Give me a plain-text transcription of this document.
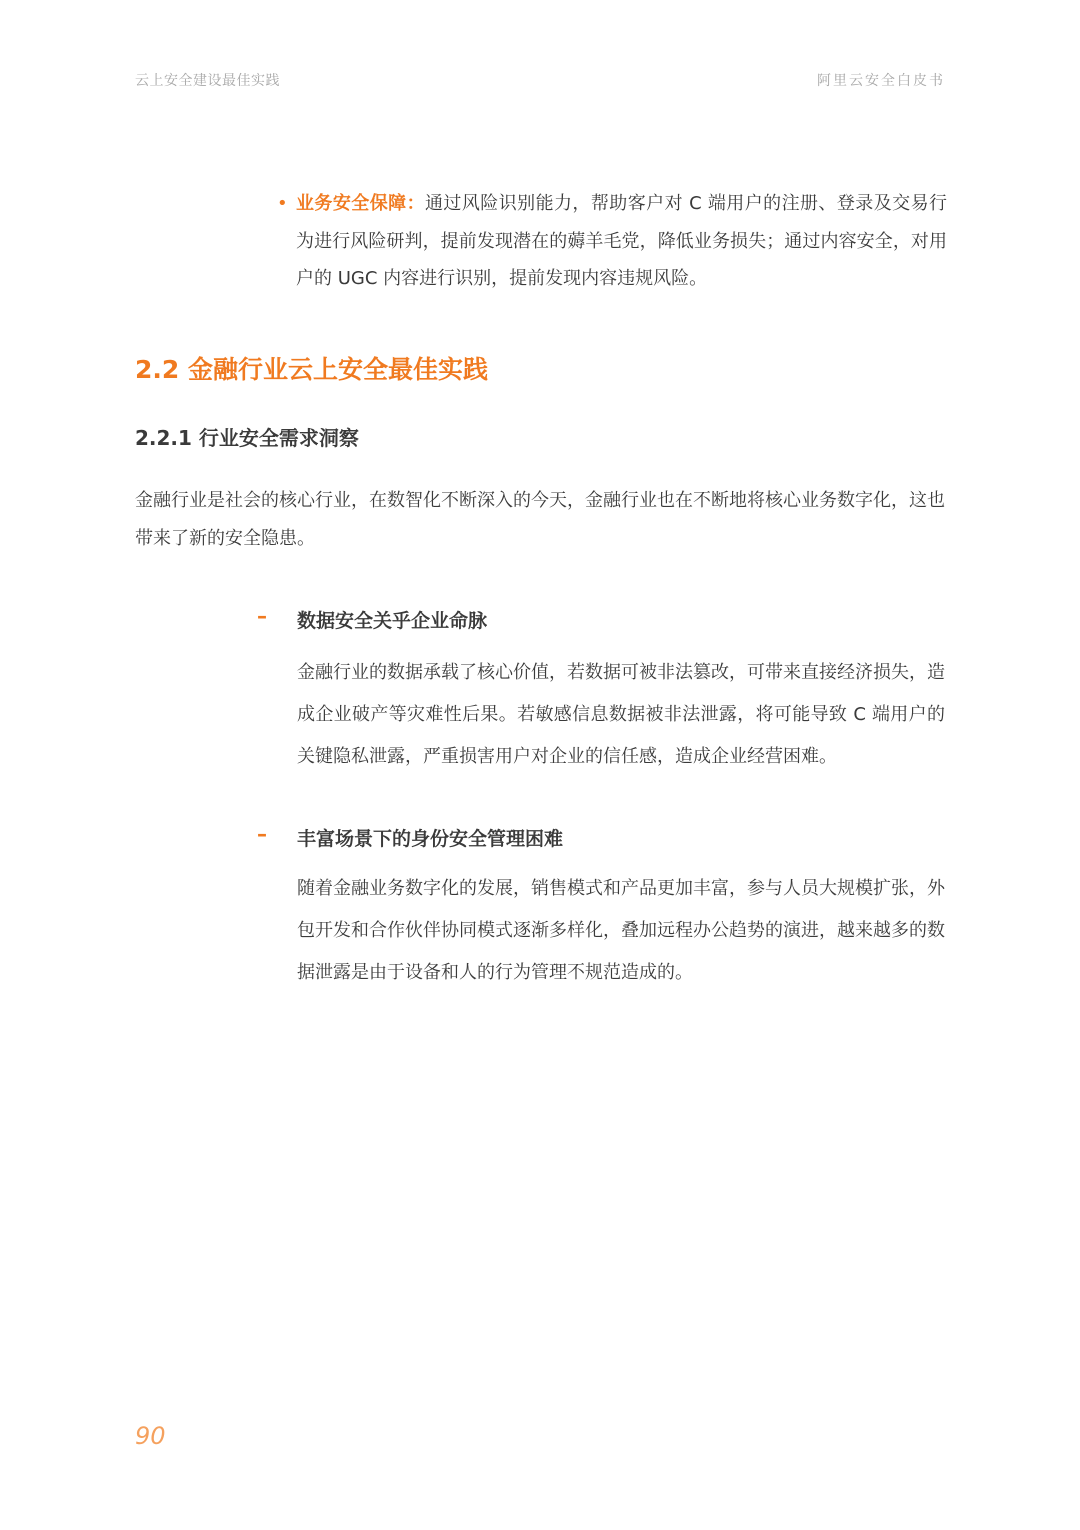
云上安全建设最佳实践	阿里云安全白皮书
• 业务安全保障：通过风险识别能力，帮助客户对 C 端用户的注册、登录及交易行为进行风险研判，提前发现潜在的薅羊毛党，降低业务损失；通过内容安全，对用户的 UGC 内容进行识别，提前发现内容违规风险。
2.2 金融行业云上安全最佳实践
2.2.1 行业安全需求洞察
金融行业是社会的核心行业，在数智化不断深入的今天，金融行业也在不断地将核心业务数字化，这也带来了新的安全隐患。
– 数据安全关乎企业命脉
金融行业的数据承载了核心价值，若数据可被非法篡改，可带来直接经济损失，造成企业破产等灾难性后果。若敏感信息数据被非法泄露，将可能导致 C 端用户的关键隐私泄露，严重损害用户对企业的信任感，造成企业经营困难。
– 丰富场景下的身份安全管理困难
随着金融业务数字化的发展，销售模式和产品更加丰富，参与人员大规模扩张，外包开发和合作伙伴协同模式逐渐多样化，叠加远程办公趋势的演进，越来越多的数据泄露是由于设备和人的行为管理不规范造成的。
90
